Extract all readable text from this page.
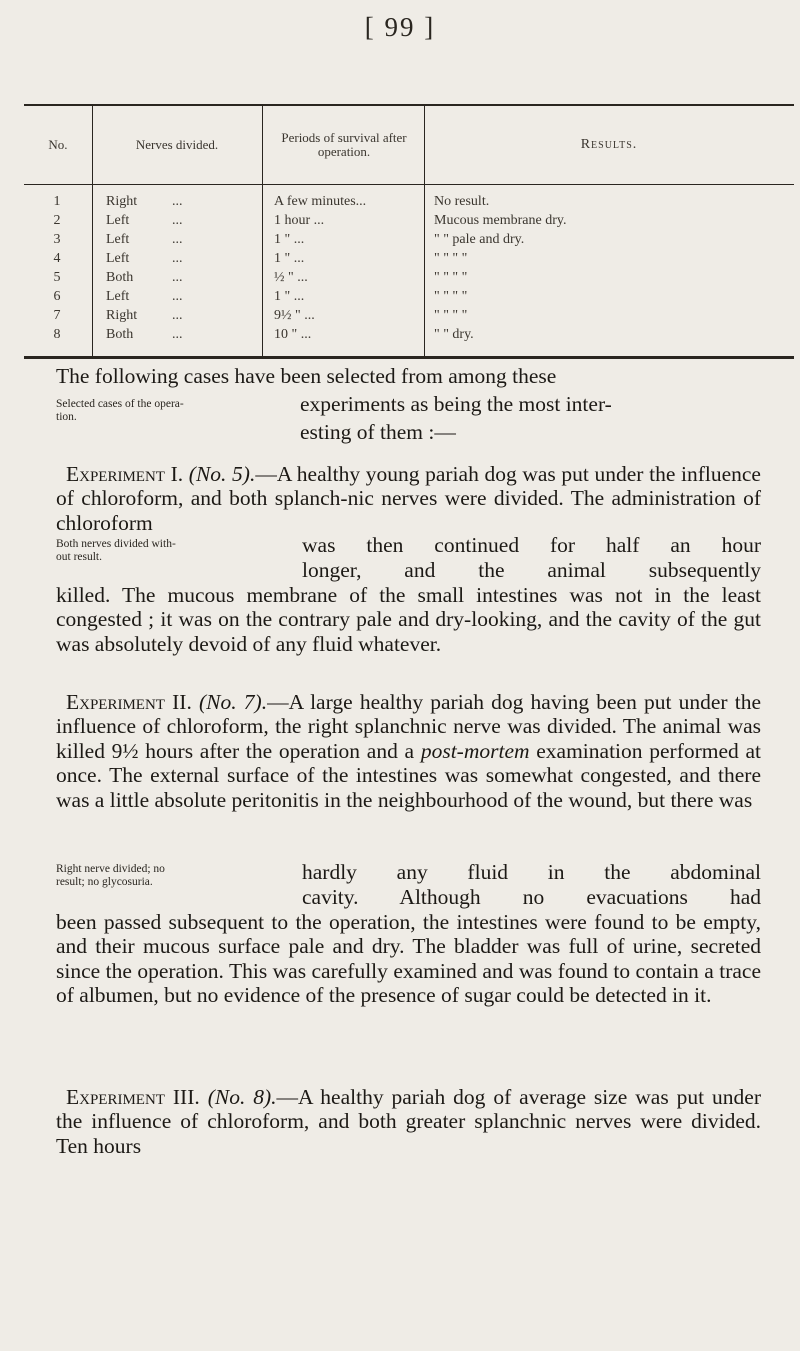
[ 99 ]
No.	Nerves divided.	Periods of survival after operation.	Results.
1	Right ...	A few minutes...	No result.
2	Left	...	1 hour ...	Mucous membrane dry.
3	Left	...	1 " ...	" " pale and dry.
4	Left	...	1 " ...	" " " "
5	Both	...	½ " ...	" " " "
6	Left	...	1 " ...	" " " "
7	Right ...	9½ " ...	" " " "
8	Both	...	10 " ...	" " dry.
The following cases have been selected from among these
Selected cases of the opera-
tion.
experiments as being the most inter-
esting of them :—
Experiment I. (No. 5).—A healthy young pariah dog was put under the influence of chloroform, and both splanch-nic nerves were divided. The administration of chloroform
Both nerves divided with-
out result.	was then continued for half an hour
longer, and the animal subsequently
killed. The mucous membrane of the small intestines was not in the least congested ; it was on the contrary pale and dry-looking, and the cavity of the gut was absolutely devoid of any fluid whatever.
Experiment II. (No. 7).—A large healthy pariah dog having been put under the influence of chloroform, the right splanchnic nerve was divided. The animal was killed 9½ hours after the operation and a post-mortem examination performed at once. The external surface of the intestines was somewhat congested, and there was a little absolute peritonitis in the neighbourhood of the wound, but there was
Right nerve divided; no
result; no glycosuria.	hardly any fluid in the abdominal
cavity. Although no evacuations had
been passed subsequent to the operation, the intestines were found to be empty, and their mucous surface pale and dry. The bladder was full of urine, secreted since the operation. This was carefully examined and was found to contain a trace of albumen, but no evidence of the presence of sugar could be detected in it.
Experiment III. (No. 8).—A healthy pariah dog of average size was put under the influence of chloroform, and both greater splanchnic nerves were divided. Ten hours
